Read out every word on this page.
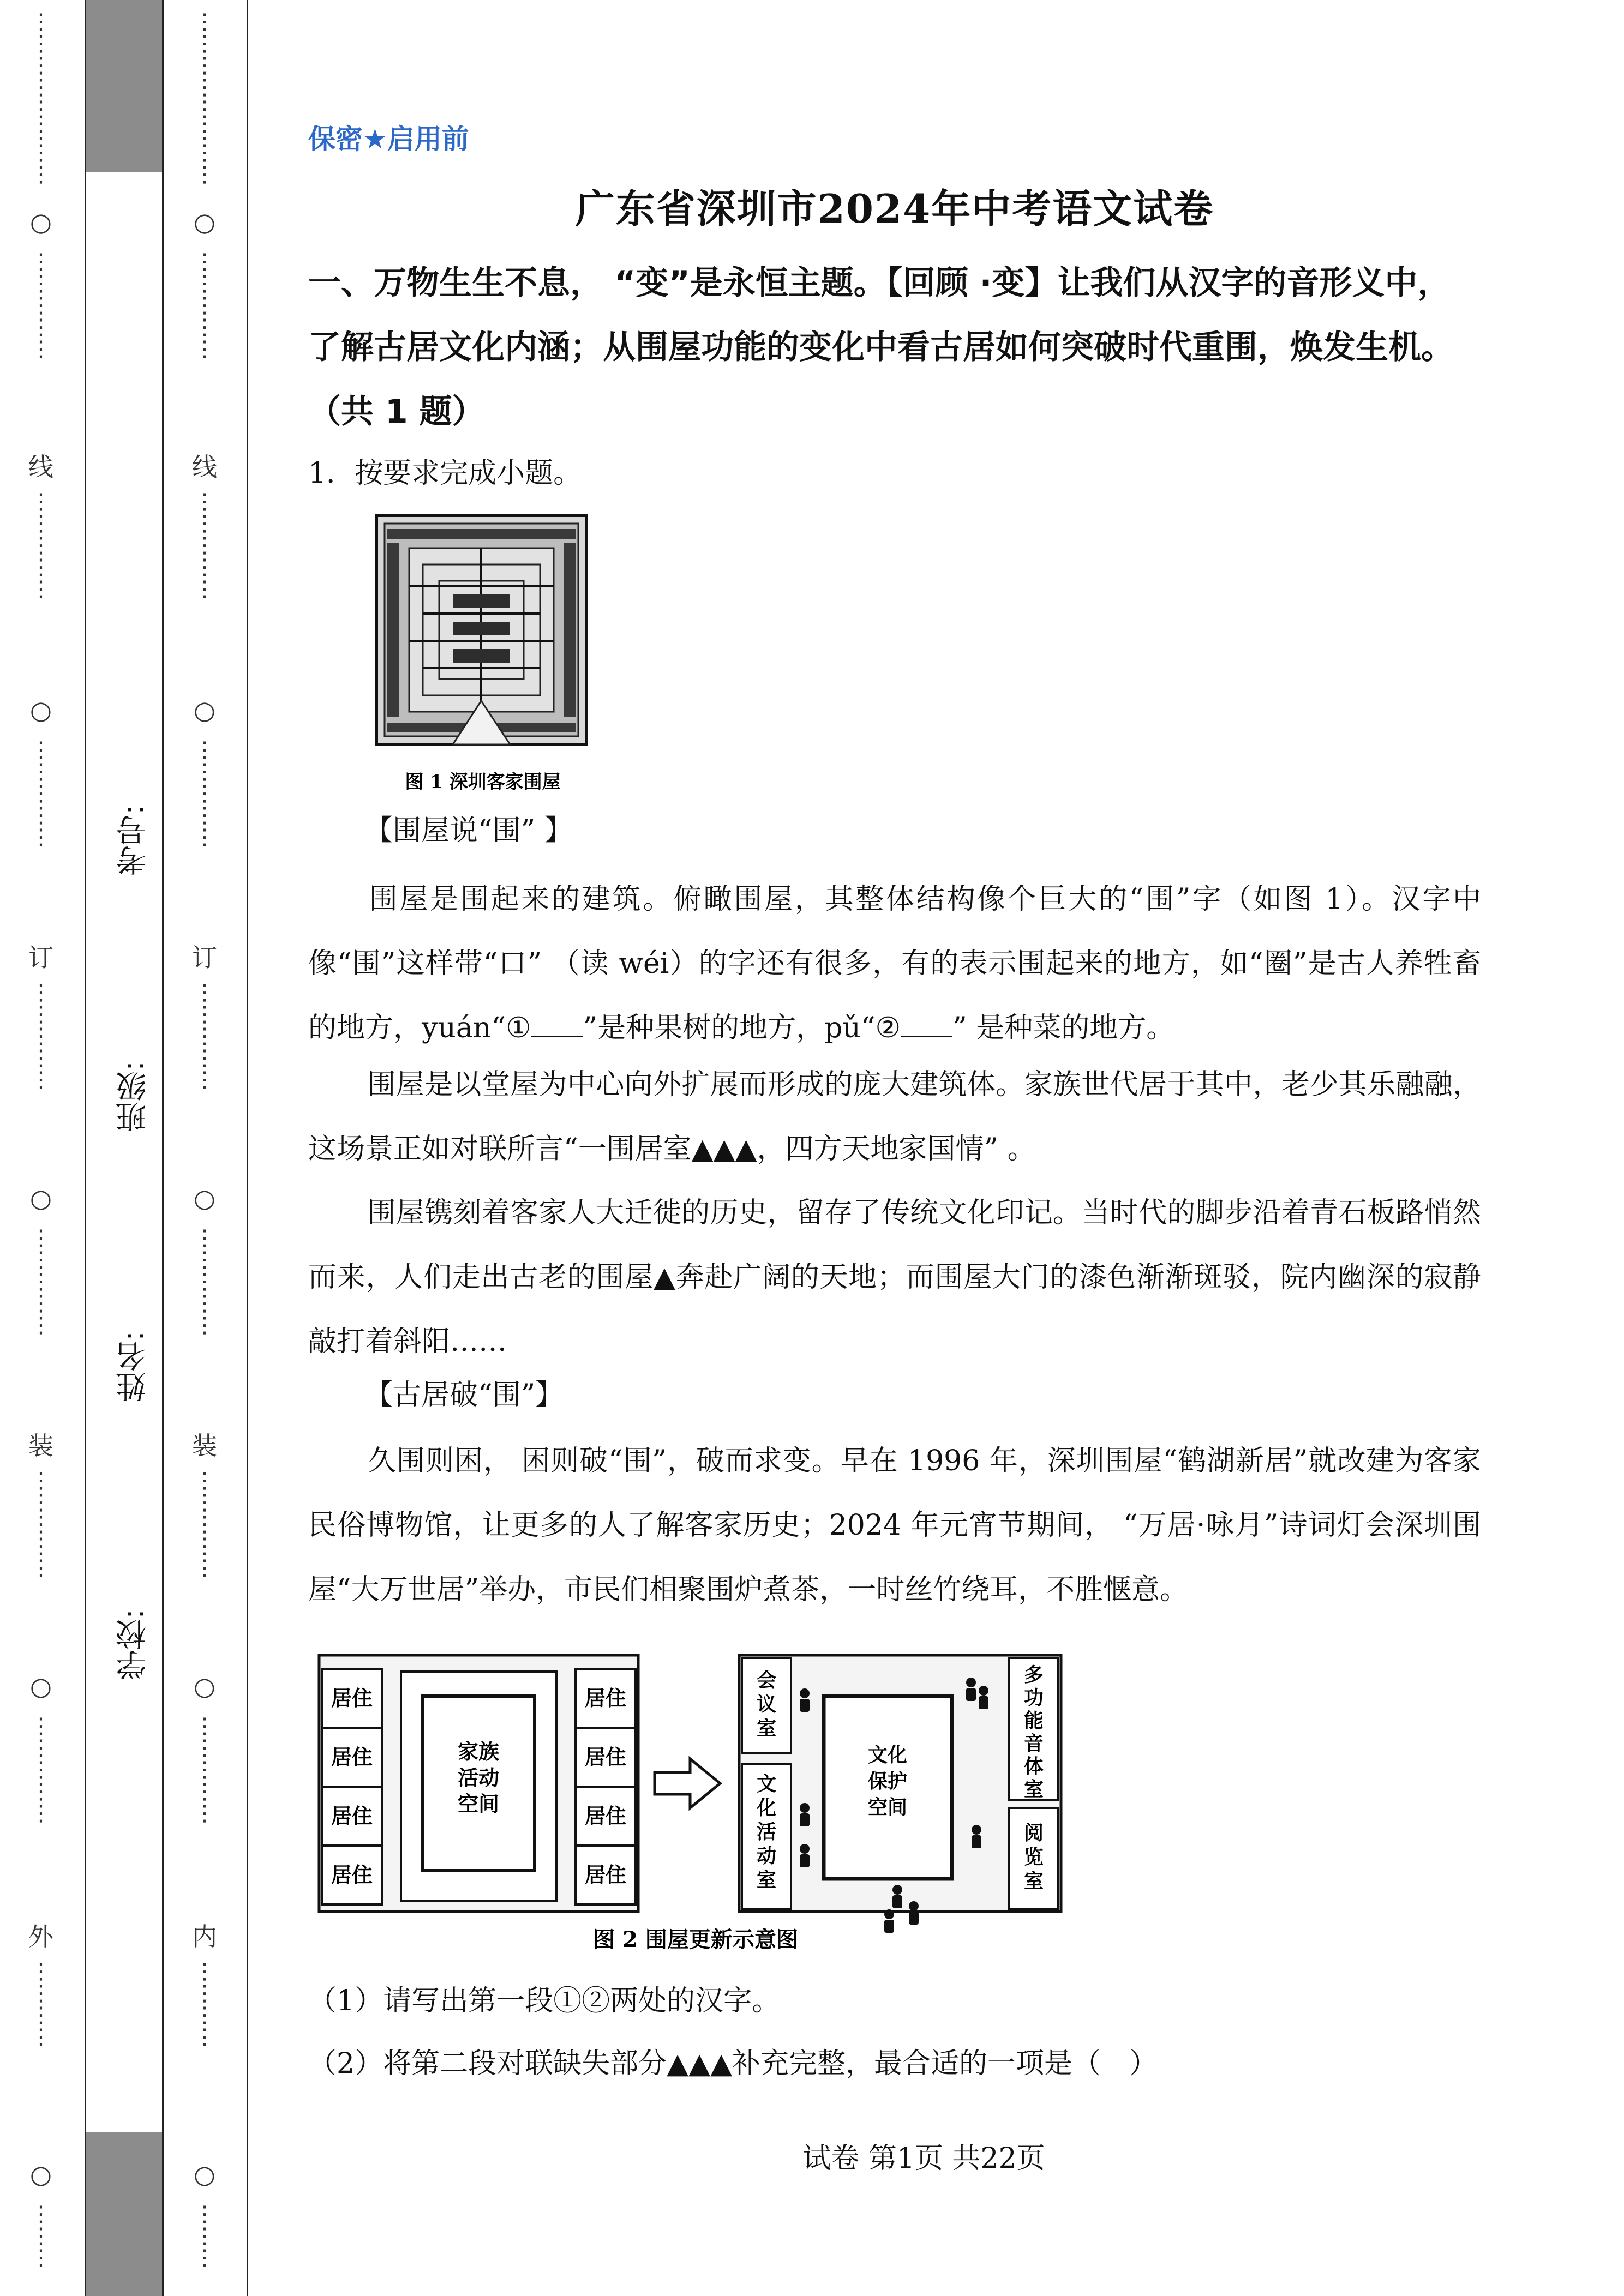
⋮
⋮
⋮
⋮
⋮
⋮
⋮
⋮
○
⋮
⋮
⋮
⋮
⋮
线
⋮
⋮
⋮
⋮
⋮
○
⋮
⋮
⋮
⋮
⋮
订
⋮
⋮
⋮
⋮
⋮
○
⋮
⋮
⋮
⋮
⋮
装
⋮
⋮
⋮
⋮
⋮
○
⋮
⋮
⋮
⋮
⋮
外
⋮
⋮
⋮
⋮
○
⋮
⋮
⋮
考号:
班级:
姓名:
学校:
⋮
⋮
⋮
⋮
⋮
⋮
⋮
⋮
○
⋮
⋮
⋮
⋮
⋮
线
⋮
⋮
⋮
⋮
⋮
○
⋮
⋮
⋮
⋮
⋮
订
⋮
⋮
⋮
⋮
⋮
○
⋮
⋮
⋮
⋮
⋮
装
⋮
⋮
⋮
⋮
⋮
○
⋮
⋮
⋮
⋮
⋮
内
⋮
⋮
⋮
⋮
○
⋮
⋮
⋮
保密★启用前
广东省深圳市2024年中考语文试卷
一、万物生生不息， “变”是永恒主题。【回顾 ·变】让我们从汉字的音形义中，了解古居文化内涵；从围屋功能的变化中看古居如何突破时代重围，焕发生机。 （共 1 题）
1．按要求完成小题。
图 1 深圳客家围屋
【围屋说“围” 】
围屋是围起来的建筑。俯瞰围屋，其整体结构像个巨大的“围”字（如图 1）。汉字中像“围”这样带“口” （读 wéi）的字还有很多，有的表示围起来的地方，如“圈”是古人养牲畜的地方，yuán“① ”是种果树的地方，pǔ“② ” 是种菜的地方。
围屋是以堂屋为中心向外扩展而形成的庞大建筑体。家族世代居于其中，老少其乐融融，这场景正如对联所言“一围居室▲▲▲，四方天地家国情” 。
围屋镌刻着客家人大迁徙的历史，留存了传统文化印记。当时代的脚步沿着青石板路悄然而来，人们走出古老的围屋▲奔赴广阔的天地；而围屋大门的漆色渐渐斑驳，院内幽深的寂静敲打着斜阳……
【古居破“围”】
久围则困， 困则破“围”，破而求变。早在 1996 年，深圳围屋“鹤湖新居”就改建为客家民俗博物馆，让更多的人了解客家历史；2024 年元宵节期间， “万居·咏月”诗词灯会深圳围屋“大万世居”举办，市民们相聚围炉煮茶，一时丝竹绕耳，不胜惬意。
居住
居住
居住
居住
居住
居住
居住
居住
家族
活动
空间
会
议
室
文
化
活
动
室
多
功
能
音
体
室
阅
览
室
文化
保护
空间
图 2 围屋更新示意图
（1）请写出第一段①②两处的汉字。
（2）将第二段对联缺失部分▲▲▲补充完整，最合适的一项是（　）
试卷 第1页 共22页
